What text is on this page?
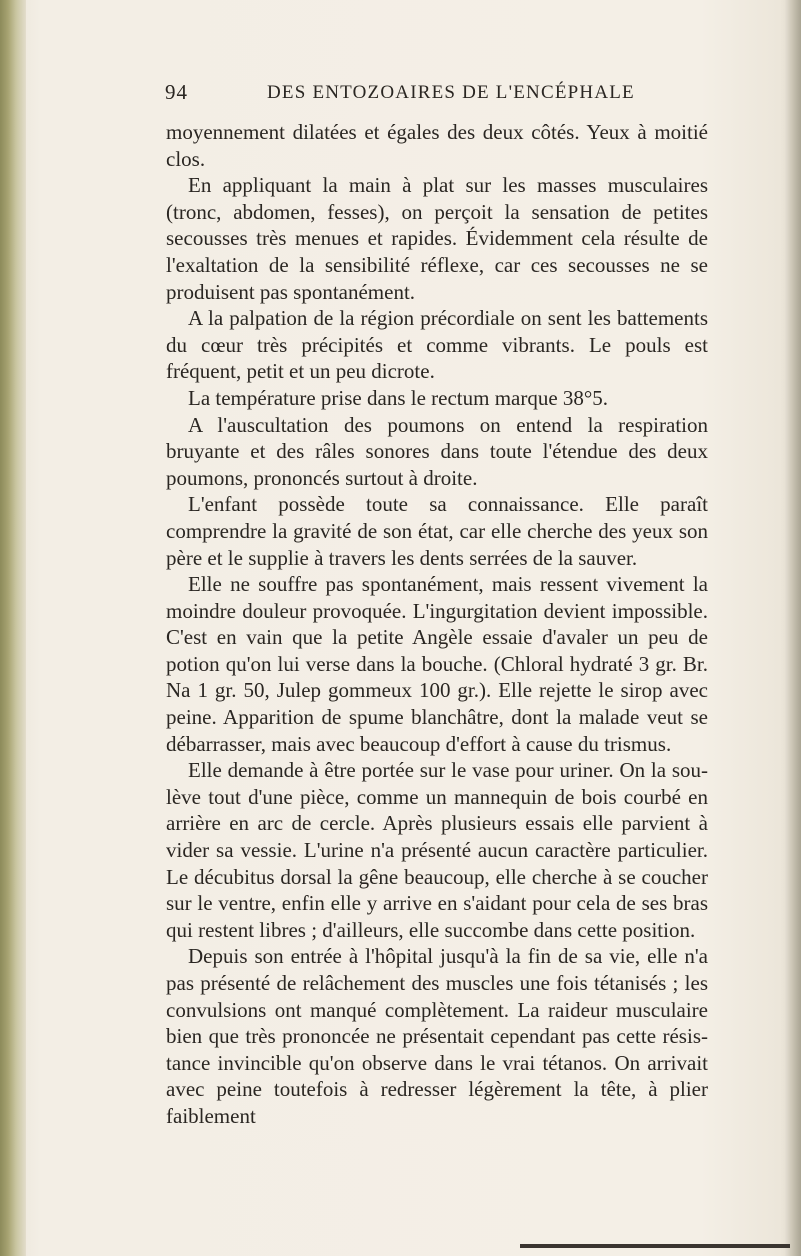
94	DES ENTOZOAIRES DE L'ENCÉPHALE

moyennement dilatées et égales des deux côtés. Yeux à moitié clos.

En appliquant la main à plat sur les masses musculaires (tronc, abdomen, fesses), on perçoit la sensation de petites secousses très menues et rapides. Évidemment cela résulte de l'exaltation de la sensibilité réflexe, car ces secousses ne se produisent pas spontanément.

A la palpation de la région précordiale on sent les battements du cœur très précipités et comme vibrants. Le pouls est fréquent, petit et un peu dicrote.

La température prise dans le rectum marque 38°5.

A l'auscultation des poumons on entend la respiration bruyante et des râles sonores dans toute l'étendue des deux poumons, prononcés surtout à droite.

L'enfant possède toute sa connaissance. Elle paraît comprendre la gravité de son état, car elle cherche des yeux son père et le supplie à travers les dents serrées de la sauver.

Elle ne souffre pas spontanément, mais ressent vivement la moindre douleur provoquée. L'ingurgitation devient impossible. C'est en vain que la petite Angèle essaie d'avaler un peu de potion qu'on lui verse dans la bouche. (Chloral hydraté 3 gr. Br. Na 1 gr. 50, Julep gommeux 100 gr.). Elle rejette le sirop avec peine. Apparition de spume blanchâtre, dont la malade veut se débarrasser, mais avec beaucoup d'effort à cause du trismus.

Elle demande à être portée sur le vase pour uriner. On la soulève tout d'une pièce, comme un mannequin de bois courbé en arrière en arc de cercle. Après plusieurs essais elle parvient à vider sa vessie. L'urine n'a présenté aucun caractère particulier. Le décubitus dorsal la gêne beaucoup, elle cherche à se coucher sur le ventre, enfin elle y arrive en s'aidant pour cela de ses bras qui restent libres ; d'ailleurs, elle succombe dans cette position.

Depuis son entrée à l'hôpital jusqu'à la fin de sa vie, elle n'a pas présenté de relâchement des muscles une fois tétanisés ; les convulsions ont manqué complètement. La raideur musculaire bien que très prononcée ne présentait cependant pas cette résistance invincible qu'on observe dans le vrai tétanos. On arrivait avec peine toutefois à redresser légèrement la tête, à plier faiblement
